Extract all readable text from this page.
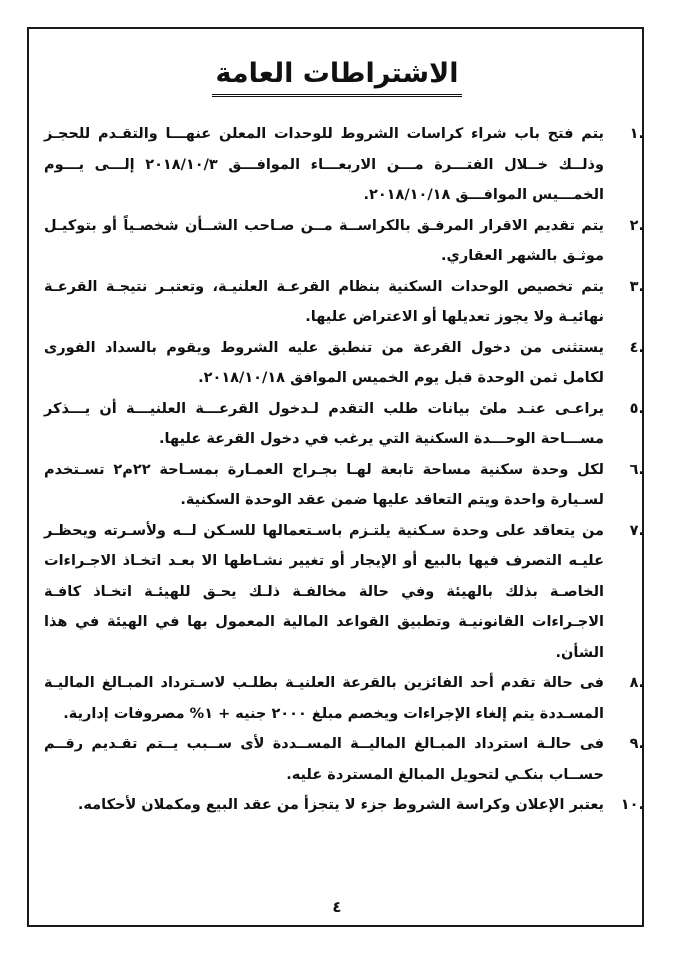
الاشتراطات العامة
.١
يتم فتح باب شراء كراسات الشروط للوحدات المعلن عنهـــا والتقـدم للحجـز وذلــك خــلال الفتـــرة مـــن الاربعـــاء الموافـــق ٢٠١٨/١٠/٣ إلـــى يـــوم الخمـــيس الموافـــق ٢٠١٨/١٠/١٨.
.٢
يتم تقديم الاقرار المرفـق بالكراســة مــن صـاحب الشــأن شخصـياً أو بتوكيـل موثـق بالشهر العقاري.
.٣
يتم تخصيص الوحدات السكنية بنظام القرعـة العلنيـة، وتعتبـر نتيجـة القرعـة نهائيـة ولا يجوز تعديلها أو الاعتراض عليها.
.٤
يستثنى من دخول القرعة من تنطبق عليه الشروط ويقوم بالسداد الفورى لكامل ثمن الوحدة قبل يوم الخميس الموافق ٢٠١٨/١٠/١٨.
.٥
يراعـى عنـد ملئ بيانات طلب التقدم لـدخول القرعـــة العلنيـــة أن يـــذكر مســـاحة الوحـــدة السكنية التي يرغب في دخول القرعة عليها.
.٦
لكل وحدة سكنية مساحة تابعة لهـا بجـراج العمـارة بمسـاحة ٢٢م٢ تسـتخدم لسـيارة واحدة ويتم التعاقد عليها ضمن عقد الوحدة السكنية.
.٧
من يتعاقد على وحدة سـكنية يلتـزم باسـتعمالها للسـكن لــه ولأسـرته ويحظـر عليـه التصرف فيها بالبيع أو الإيجار أو تغيير نشـاطها الا بعـد اتخـاذ الاجـراءات الخاصـة بذلك بالهيئة وفي حالة مخالفـة ذلـك يحـق للهيئـة اتخـاذ كافـة الاجـراءات القانونيـة وتطبيق القواعد المالية المعمول بها في الهيئة في هذا الشأن.
.٨
فى حالة تقدم أحد الفائزين بالقرعة العلنيـة بطلـب لاسـترداد المبـالغ الماليـة المسـددة يتم إلغاء الإجراءات ويخصم مبلغ ٢٠٠٠ جنيه + ١% مصروفات إدارية.
.٩
فى حالـة استرداد المبـالغ الماليــة المســددة لأى ســبب يــتم تقـديم رقــم حســاب بنكـي لتحويل المبالغ المستردة عليه.
.١٠
يعتبر الإعلان وكراسة الشروط جزء لا يتجزأ من عقد البيع ومكملان لأحكامه.
٤
